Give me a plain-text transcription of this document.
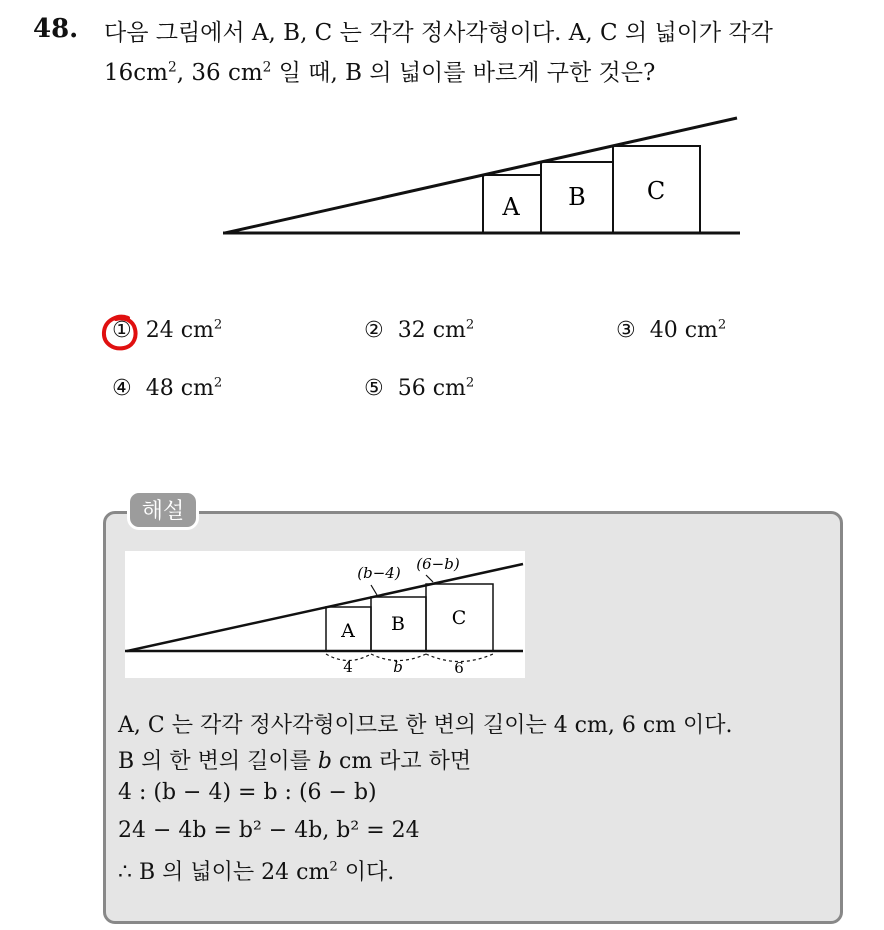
48. 다음 그림에서 A, B, C 는 각각 정사각형이다. A, C 의 넓이가 각각
$16cm^2$, 36 $cm^2$ 일 때, B 의 넓이를 바르게 구한 것은?
A B	C
① 24 $cm^2$	② 32 $cm^2$	③ 40 $cm^2$
④ 48 $cm^2$	⑤ 56 $cm^2$
해설
A B C
(b−4) (6−b)
4	b	6
A, C 는 각각 정사각형이므로 한 변의 길이는 4 cm, 6 cm 이다.
B 의 한 변의 길이를 b cm 라고 하면
4 : (b − 4) = b : (6 − b)
24 − 4b = b² − 4b, b² = 24
∴ B 의 넓이는 24 $cm^2$ 이다.
